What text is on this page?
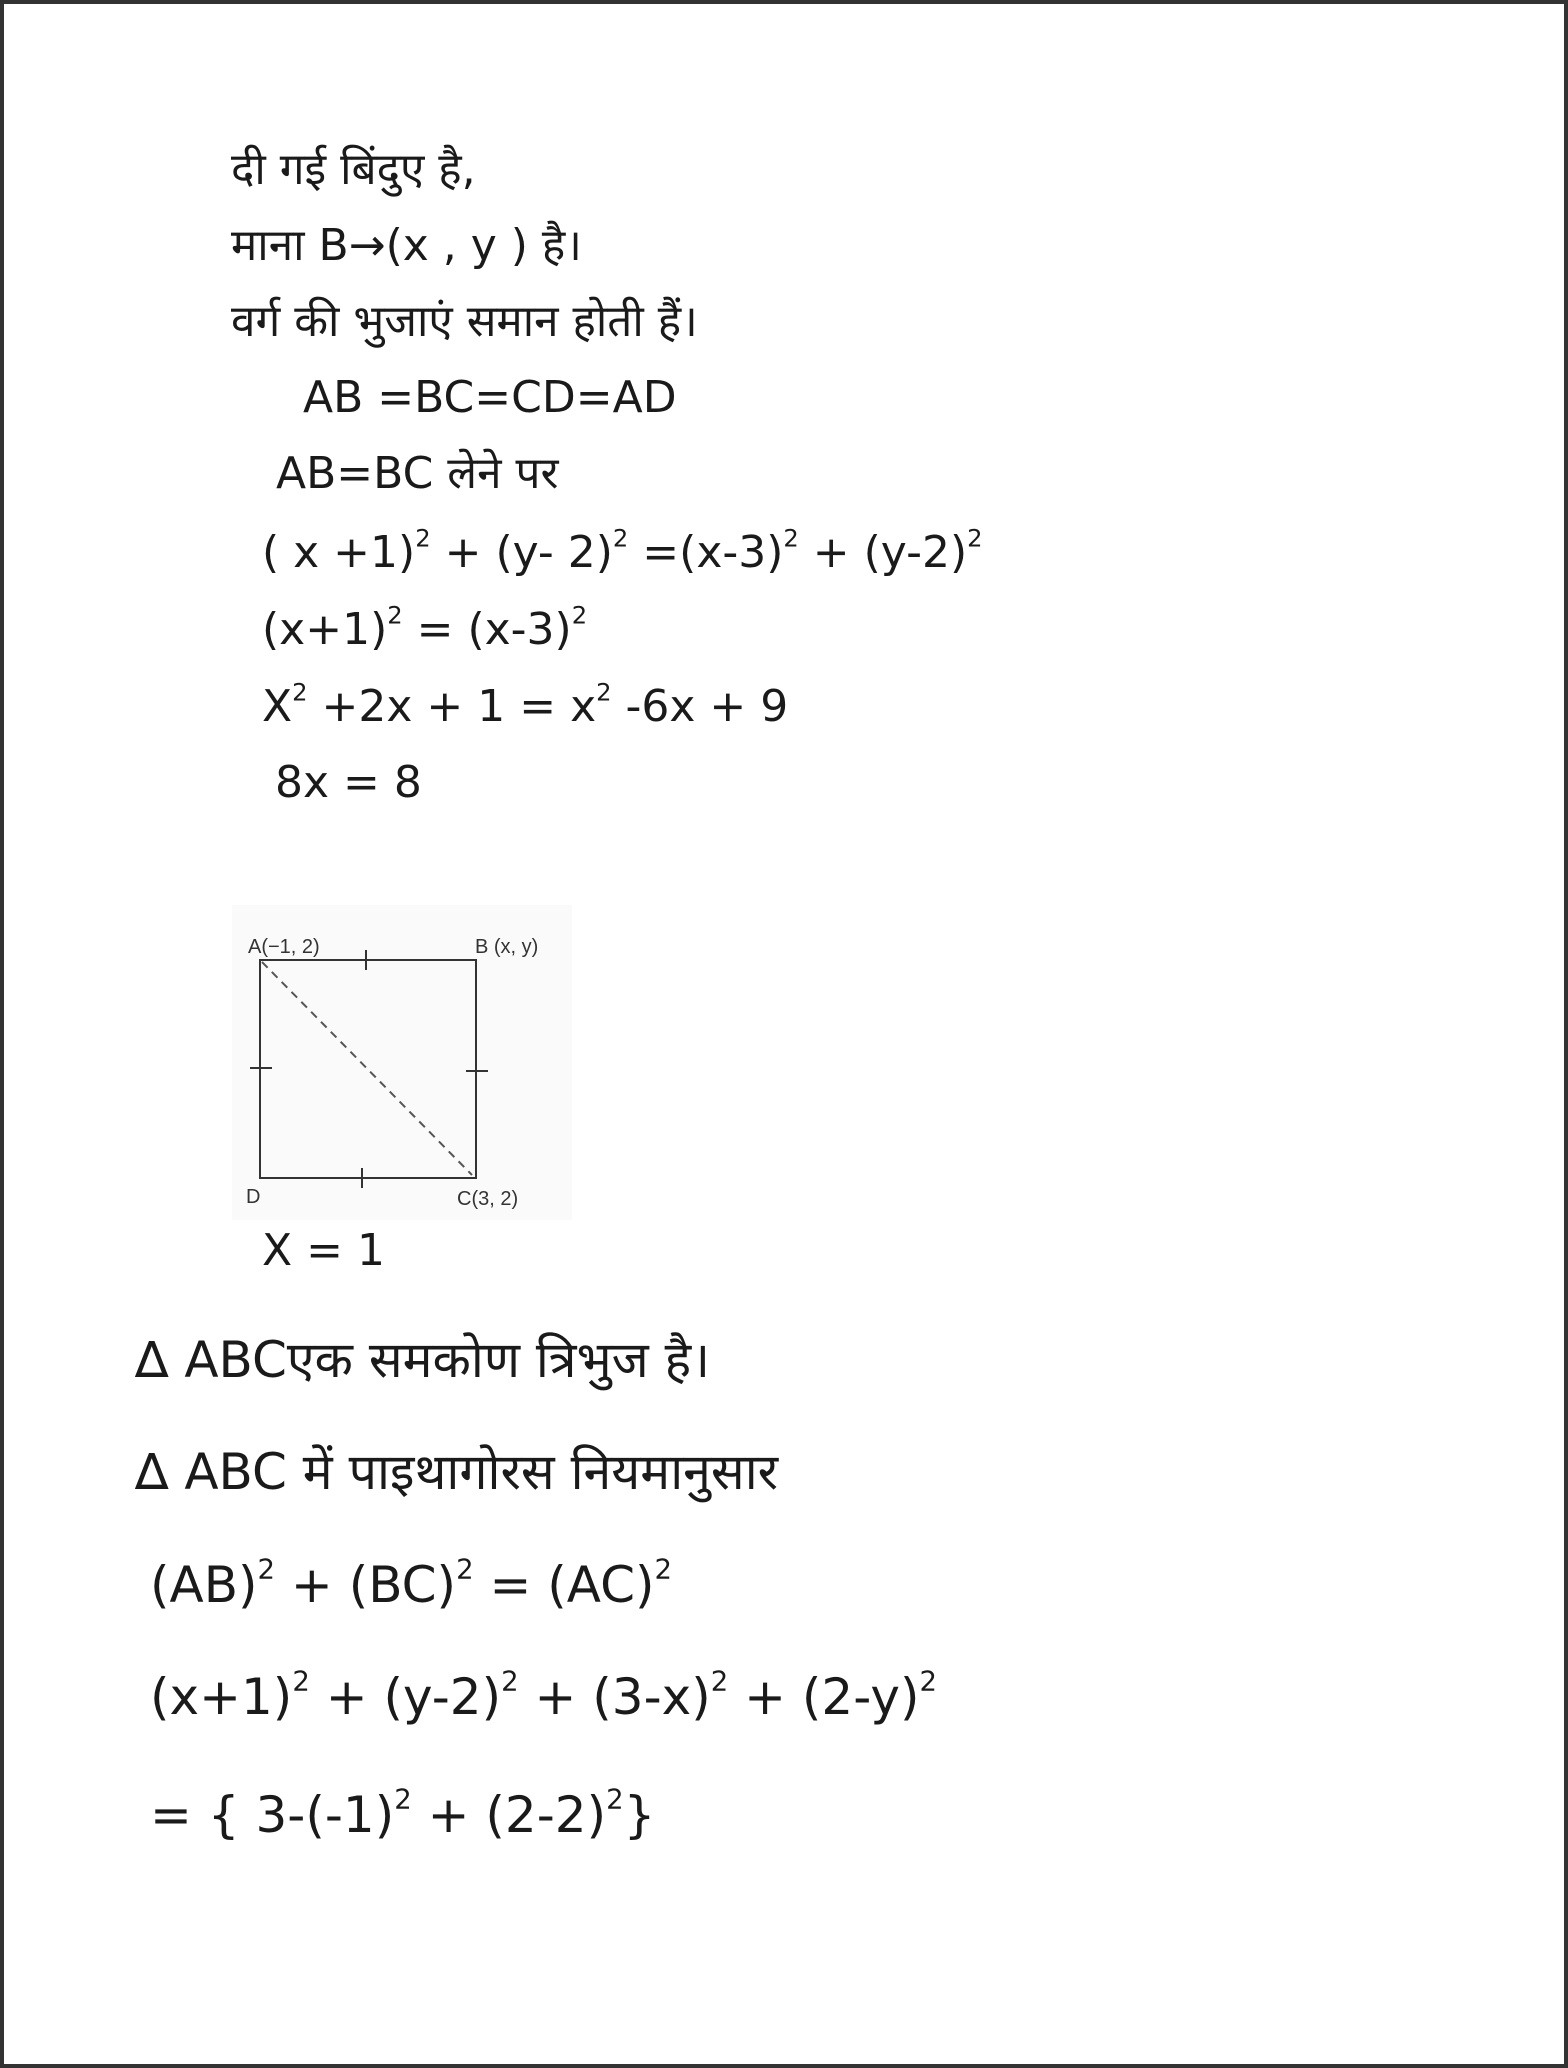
दी गई बिंदुए है,
माना B→(x , y ) है।
वर्ग की भुजाएं समान होती हैं।
AB =BC=CD=AD
AB=BC लेने पर
( x +1)$^2$ + (y- $2)^2 =(x-3)^2 + (y-2)^2$
$(x+1)^2 = (x-3)^2$
$X^2 +2x + 1 = x^2$ -6x + 9
8x = 8
A(−1, 2)	B (x, y)
C(3, 2)
D
X = 1
∆ ABCएक समकोण त्रिभुज है।
∆ ABC में पाइथागोरस नियमानुसार
(AB)$^2$ + (BC)$^2$ = (AC)$^2$
$(x+1)^2 + (y-2)^2 + (3-x)^2 + (2-y)^2$
= { $3-(-1)^2 + (2-2)^2$}
